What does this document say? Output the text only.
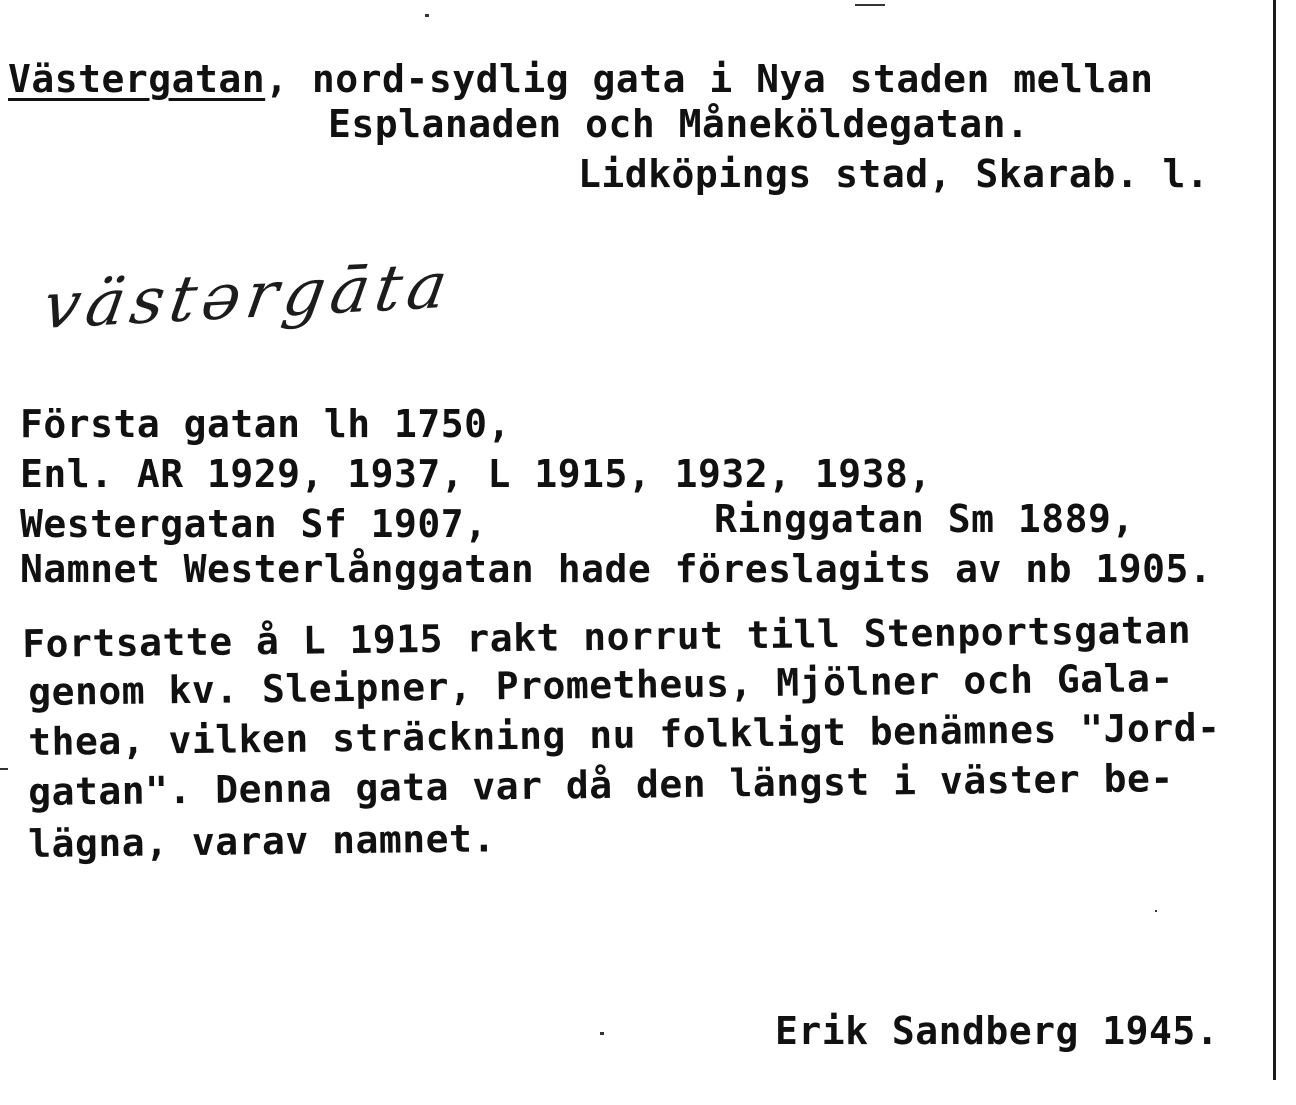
Västergatan, nord-sydlig gata i Nya staden mellan
Esplanaden och Måneköldegatan.
Lidköpings stad, Skarab. l.
västərgāta
Första gatan lh 1750,
Enl. AR 1929, 1937, L 1915, 1932, 1938,
Westergatan Sf 1907,	Ringgatan Sm 1889,
Namnet Westerlånggatan hade föreslagits av nb 1905.
Fortsatte å L 1915 rakt norrut till Stenportsgatan
genom kv. Sleipner, Prometheus, Mjölner och Gala-
thea, vilken sträckning nu folkligt benämnes "Jord-
gatan". Denna gata var då den längst i väster be-
lägna, varav namnet.
Erik Sandberg 1945.
